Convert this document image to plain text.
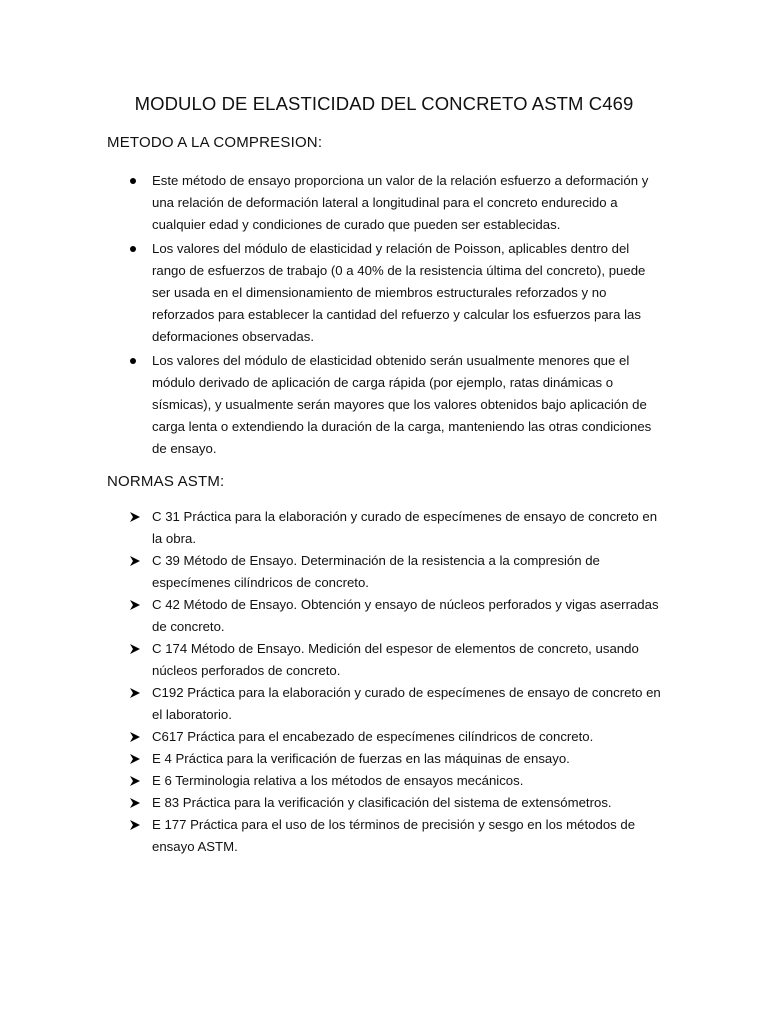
MODULO DE ELASTICIDAD DEL CONCRETO ASTM C469
METODO A LA COMPRESION:
Este método de ensayo proporciona un valor de la relación esfuerzo a deformación y una relación de deformación lateral a longitudinal para el concreto endurecido a cualquier edad y condiciones de curado que pueden ser establecidas.
Los valores del módulo de elasticidad y relación de Poisson, aplicables dentro del rango de esfuerzos de trabajo (0 a 40% de la resistencia última del concreto), puede ser usada en el dimensionamiento de miembros estructurales reforzados y no reforzados para establecer la cantidad del refuerzo y calcular los esfuerzos para las deformaciones observadas.
Los valores del módulo de elasticidad obtenido serán usualmente menores que el módulo derivado de aplicación de carga rápida (por ejemplo, ratas dinámicas o sísmicas), y usualmente serán mayores que los valores obtenidos bajo aplicación de carga lenta o extendiendo la duración de la carga, manteniendo las otras condiciones de ensayo.
NORMAS ASTM:
C 31 Práctica para la elaboración y curado de especímenes de ensayo de concreto en la obra.
C 39 Método de Ensayo. Determinación de la resistencia a la compresión de especímenes cilíndricos de concreto.
C 42 Método de Ensayo. Obtención y ensayo de núcleos perforados y vigas aserradas de concreto.
C 174 Método de Ensayo. Medición del espesor de elementos de concreto, usando núcleos perforados de concreto.
C192 Práctica para la elaboración y curado de especímenes de ensayo de concreto en el laboratorio.
C617 Práctica para el encabezado de especímenes cilíndricos de concreto.
E 4 Práctica para la verificación de fuerzas en las máquinas de ensayo.
E 6 Terminologia relativa a los métodos de ensayos mecánicos.
E 83 Práctica para la verificación y clasificación del sistema de extensómetros.
E 177 Práctica para el uso de los términos de precisión y sesgo en los métodos de ensayo ASTM.
